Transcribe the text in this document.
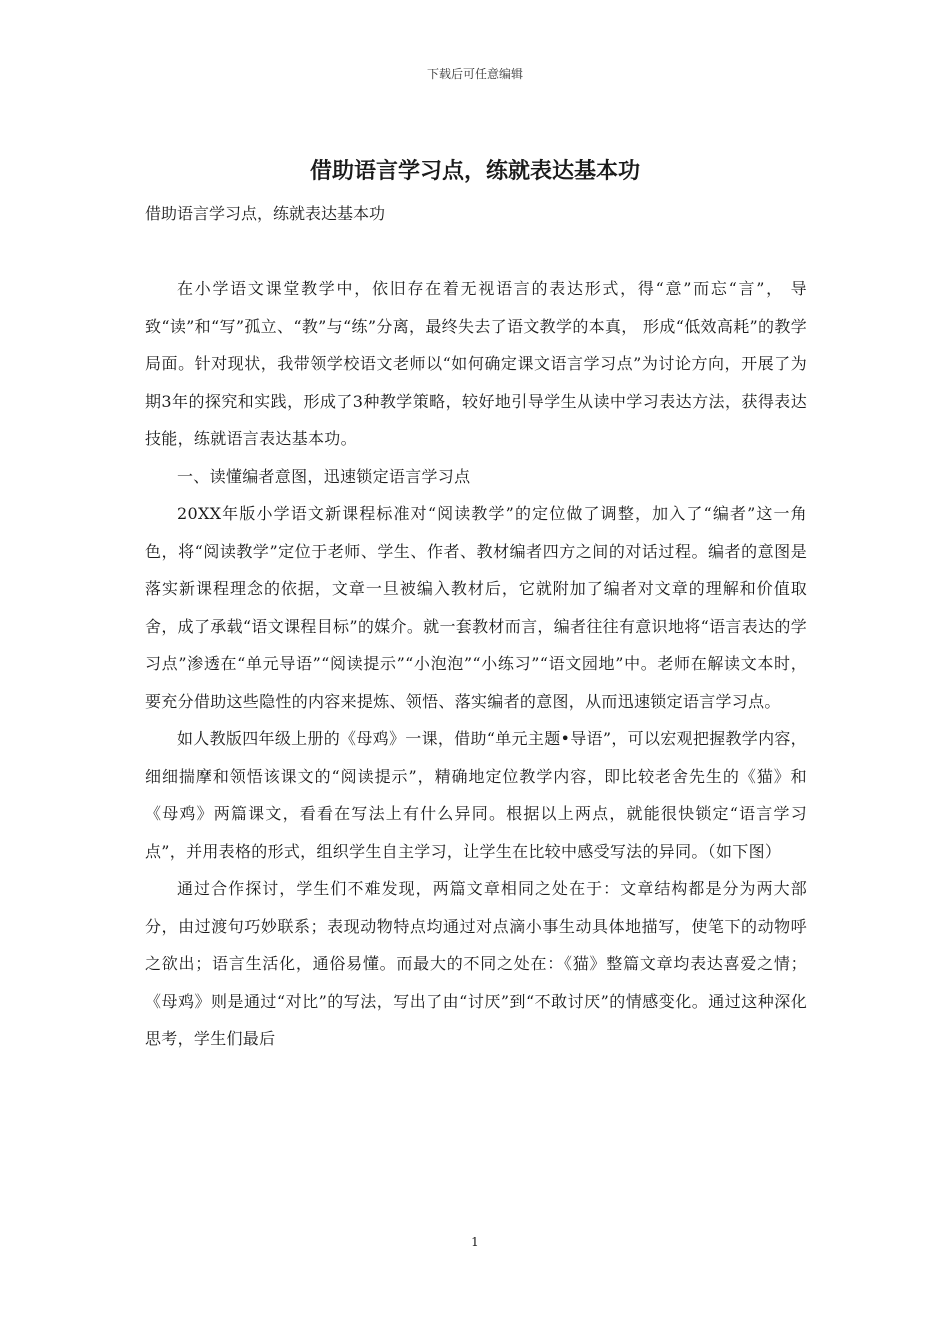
下载后可任意编辑
借助语言学习点，练就表达基本功
借助语言学习点，练就表达基本功

在小学语文课堂教学中，依旧存在着无视语言的表达形式，得“意”而忘“言”， 导致“读”和“写”孤立、“教”与“练”分离，最终失去了语文教学的本真， 形成“低效高耗”的教学局面。针对现状，我带领学校语文老师以“如何确定课文语言学习点”为讨论方向，开展了为期3年的探究和实践，形成了3种教学策略，较好地引导学生从读中学习表达方法，获得表达技能，练就语言表达基本功。

一、读懂编者意图，迅速锁定语言学习点

20XX年版小学语文新课程标准对“阅读教学”的定位做了调整，加入了“编者”这一角色，将“阅读教学”定位于老师、学生、作者、教材编者四方之间的对话过程。编者的意图是落实新课程理念的依据，文章一旦被编入教材后，它就附加了编者对文章的理解和价值取舍，成了承载“语文课程目标”的媒介。就一套教材而言，编者往往有意识地将“语言表达的学习点”渗透在“单元导语”“阅读提示”“小泡泡”“小练习”“语文园地”中。老师在解读文本时，要充分借助这些隐性的内容来提炼、领悟、落实编者的意图，从而迅速锁定语言学习点。

如人教版四年级上册的《母鸡》一课，借助“单元主题•导语”，可以宏观把握教学内容，细细揣摩和领悟该课文的“阅读提示”，精确地定位教学内容，即比较老舍先生的《猫》和《母鸡》两篇课文，看看在写法上有什么异同。根据以上两点，就能很快锁定“语言学习点”，并用表格的形式，组织学生自主学习，让学生在比较中感受写法的异同。（如下图）

通过合作探讨，学生们不难发现，两篇文章相同之处在于：文章结构都是分为两大部分，由过渡句巧妙联系；表现动物特点均通过对点滴小事生动具体地描写，使笔下的动物呼之欲出；语言生活化，通俗易懂。而最大的不同之处在：《猫》整篇文章均表达喜爱之情；《母鸡》则是通过“对比”的写法，写出了由“讨厌”到“不敢讨厌”的情感变化。通过这种深化思考，学生们最后

1
